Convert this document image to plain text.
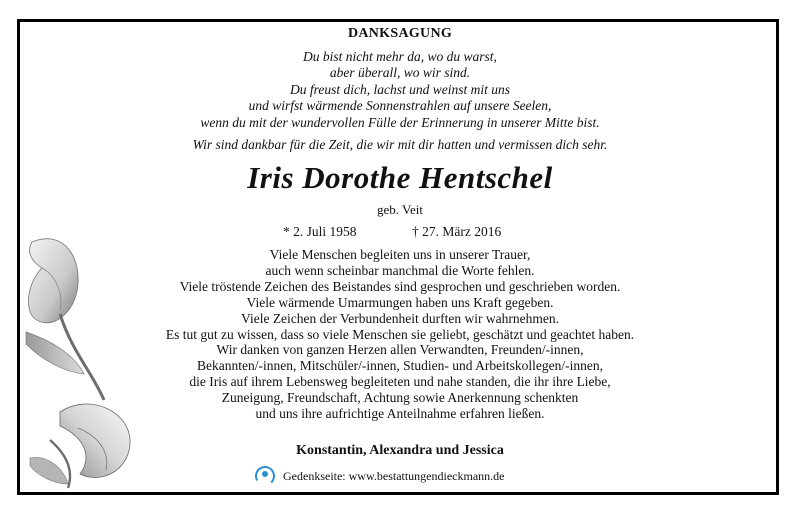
DANKSAGUNG
Du bist nicht mehr da, wo du warst,
aber überall, wo wir sind.
Du freust dich, lachst und weinst mit uns
und wirfst wärmende Sonnenstrahlen auf unsere Seelen,
wenn du mit der wundervollen Fülle der Erinnerung in unserer Mitte bist.
Wir sind dankbar für die Zeit, die wir mit dir hatten und vermissen dich sehr.
Iris Dorothe Hentschel
geb. Veit
* 2. Juli 1958	† 27. März 2016
Viele Menschen begleiten uns in unserer Trauer,
auch wenn scheinbar manchmal die Worte fehlen.
Viele tröstende Zeichen des Beistandes sind gesprochen und geschrieben worden.
Viele wärmende Umarmungen haben uns Kraft gegeben.
Viele Zeichen der Verbundenheit durften wir wahrnehmen.
Es tut gut zu wissen, dass so viele Menschen sie geliebt, geschätzt und geachtet haben.
Wir danken von ganzen Herzen allen Verwandten, Freunden/-innen,
Bekannten/-innen, Mitschüler/-innen, Studien- und Arbeitskollegen/-innen,
die Iris auf ihrem Lebensweg begleiteten und nahe standen, die ihr ihre Liebe,
Zuneigung, Freundschaft, Achtung sowie Anerkennung schenkten
und uns ihre aufrichtige Anteilnahme erfahren ließen.
Konstantin, Alexandra und Jessica
Gedenkseite: www.bestattungendieckmann.de
